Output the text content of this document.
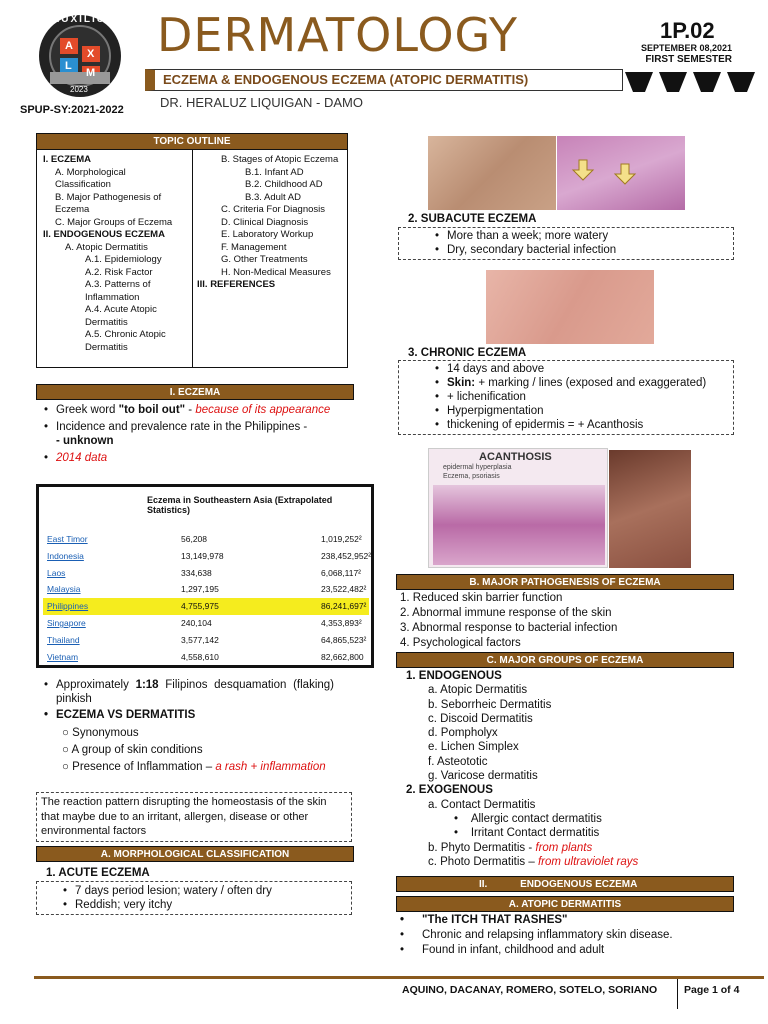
AUXILIUM
A
X
L
M
2023
SPUP-SY:2021-2022
DERMATOLOGY	1P.02
SEPTEMBER 08,2021
FIRST SEMESTER
ECZEMA & ENDOGENOUS ECZEMA (ATOPIC DERMATITIS)
DR. HERALUZ LIQUIGAN - DAMO
TOPIC OUTLINE
I. ECZEMA
A. Morphological Classification
B. Major Pathogenesis of Eczema
C. Major Groups of Eczema
II. ENDOGENOUS ECZEMA
A. Atopic Dermatitis
A.1. Epidemiology
A.2. Risk Factor
A.3. Patterns of Inflammation
A.4. Acute Atopic Dermatitis
A.5. Chronic Atopic Dermatitis
B. Stages of Atopic Eczema
B.1. Infant AD
B.2. Childhood AD
B.3. Adult AD
C. Criteria For Diagnosis
D. Clinical Diagnosis
E. Laboratory Workup
F. Management
G. Other Treatments
H. Non-Medical Measures
III. REFERENCES
I. ECZEMA
• Greek word "to boil out" - because of its appearance
• Incidence and prevalence rate in the Philippines -
- unknown
• 2014 data
Eczema in Southeastern Asia (Extrapolated Statistics)
East Timor	56,208	1,019,252²
Indonesia	13,149,978	238,452,952²
Laos	334,638	6,068,117²
Malaysia	1,297,195	23,522,482²
Philippines	4,755,975	86,241,697²
Singapore	240,104	4,353,893²
Thailand	3,577,142	64,865,523²
Vietnam	4,558,610	82,662,800
• Approximately 1:18 Filipinos desquamation (flaking) pinkish
• ECZEMA VS DERMATITIS
○ Synonymous
○ A group of skin conditions
○ Presence of Inflammation – a rash + inflammation
The reaction pattern disrupting the homeostasis of the skin that maybe due to an irritant, allergen, disease or other environmental factors
A. MORPHOLOGICAL CLASSIFICATION
1. ACUTE ECZEMA
• 7 days period lesion; watery / often dry
• Reddish; very itchy
2. SUBACUTE ECZEMA
• More than a week; more watery
• Dry, secondary bacterial infection
3. CHRONIC ECZEMA
• 14 days and above
• Skin: + marking / lines (exposed and exaggerated)
• + lichenification
• Hyperpigmentation
• thickening of epidermis = + Acanthosis
ACANTHOSIS
epidermal hyperplasia
Eczema, psoriasis
B. MAJOR PATHOGENESIS OF ECZEMA
1. Reduced skin barrier function
2. Abnormal immune response of the skin
3. Abnormal response to bacterial infection
4. Psychological factors
C. MAJOR GROUPS OF ECZEMA
1. ENDOGENOUS
a. Atopic Dermatitis
b. Seborrheic Dermatitis
c. Discoid Dermatitis
d. Pompholyx
e. Lichen Simplex
f. Asteototic
g. Varicose dermatitis
2. EXOGENOUS
a. Contact Dermatitis
•    Allergic contact dermatitis
•    Irritant Contact dermatitis
b. Phyto Dermatitis - from plants
c. Photo Dermatitis – from ultraviolet rays
II.	ENDOGENOUS ECZEMA
A. ATOPIC DERMATITIS
• "The ITCH THAT RASHES"
• Chronic and relapsing inflammatory skin disease.
• Found in infant, childhood and adult
AQUINO, DACANAY, ROMERO, SOTELO, SORIANO	Page 1 of 4
